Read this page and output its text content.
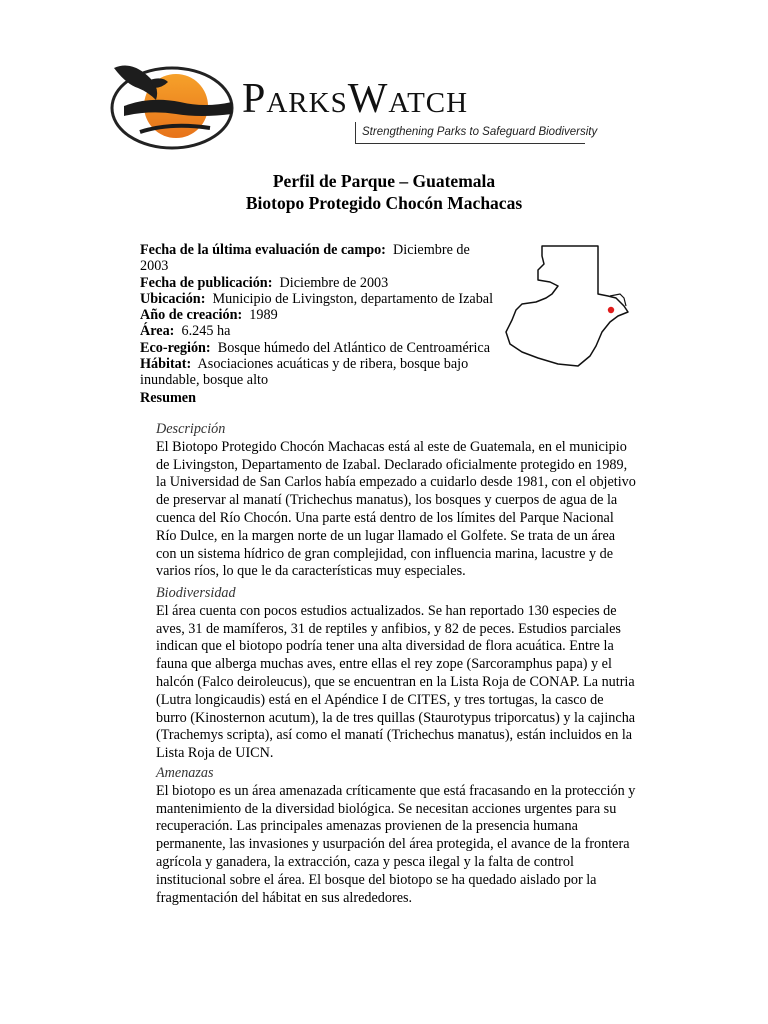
ParksWatch
Strengthening Parks to Safeguard Biodiversity
Perfil de Parque – Guatemala
Biotopo Protegido Chocón Machacas

Fecha de la última evaluación de campo: Diciembre de 2003

Fecha de publicación: Diciembre de 2003

Ubicación: Municipio de Livingston, departamento de Izabal

Año de creación: 1989

Área: 6.245 ha

Eco-región: Bosque húmedo del Atlántico de Centroamérica

Hábitat: Asociaciones acuáticas y de ribera, bosque bajo inundable, bosque alto

Resumen
Descripción

El Biotopo Protegido Chocón Machacas está al este de Guatemala, en el municipio de Livingston, Departamento de Izabal. Declarado oficialmente protegido en 1989, la Universidad de San Carlos había empezado a cuidarlo desde 1981, con el objetivo de preservar al manatí (Trichechus manatus), los bosques y cuerpos de agua de la cuenca del Río Chocón. Una parte está dentro de los límites del Parque Nacional Río Dulce, en la margen norte de un lugar llamado el Golfete. Se trata de un área con un sistema hídrico de gran complejidad, con influencia marina, lacustre y de varios ríos, lo que le da características muy especiales.

Biodiversidad

El área cuenta con pocos estudios actualizados. Se han reportado 130 especies de aves, 31 de mamíferos, 31 de reptiles y anfibios, y 82 de peces. Estudios parciales indican que el biotopo podría tener una alta diversidad de flora acuática. Entre la fauna que alberga muchas aves, entre ellas el rey zope (Sarcoramphus papa) y el halcón (Falco deiroleucus), que se encuentran en la Lista Roja de CONAP. La nutria (Lutra longicaudis) está en el Apéndice I de CITES, y tres tortugas, la casco de burro (Kinosternon acutum), la de tres quillas (Staurotypus triporcatus) y la cajincha (Trachemys scripta), así como el manatí (Trichechus manatus), están incluidos en la Lista Roja de UICN.

Amenazas

El biotopo es un área amenazada críticamente que está fracasando en la protección y mantenimiento de la diversidad biológica. Se necesitan acciones urgentes para su recuperación. Las principales amenazas provienen de la presencia humana permanente, las invasiones y usurpación del área protegida, el avance de la frontera agrícola y ganadera, la extracción, caza y pesca ilegal y la falta de control institucional sobre el área. El bosque del biotopo se ha quedado aislado por la fragmentación del hábitat en sus alrededores.
